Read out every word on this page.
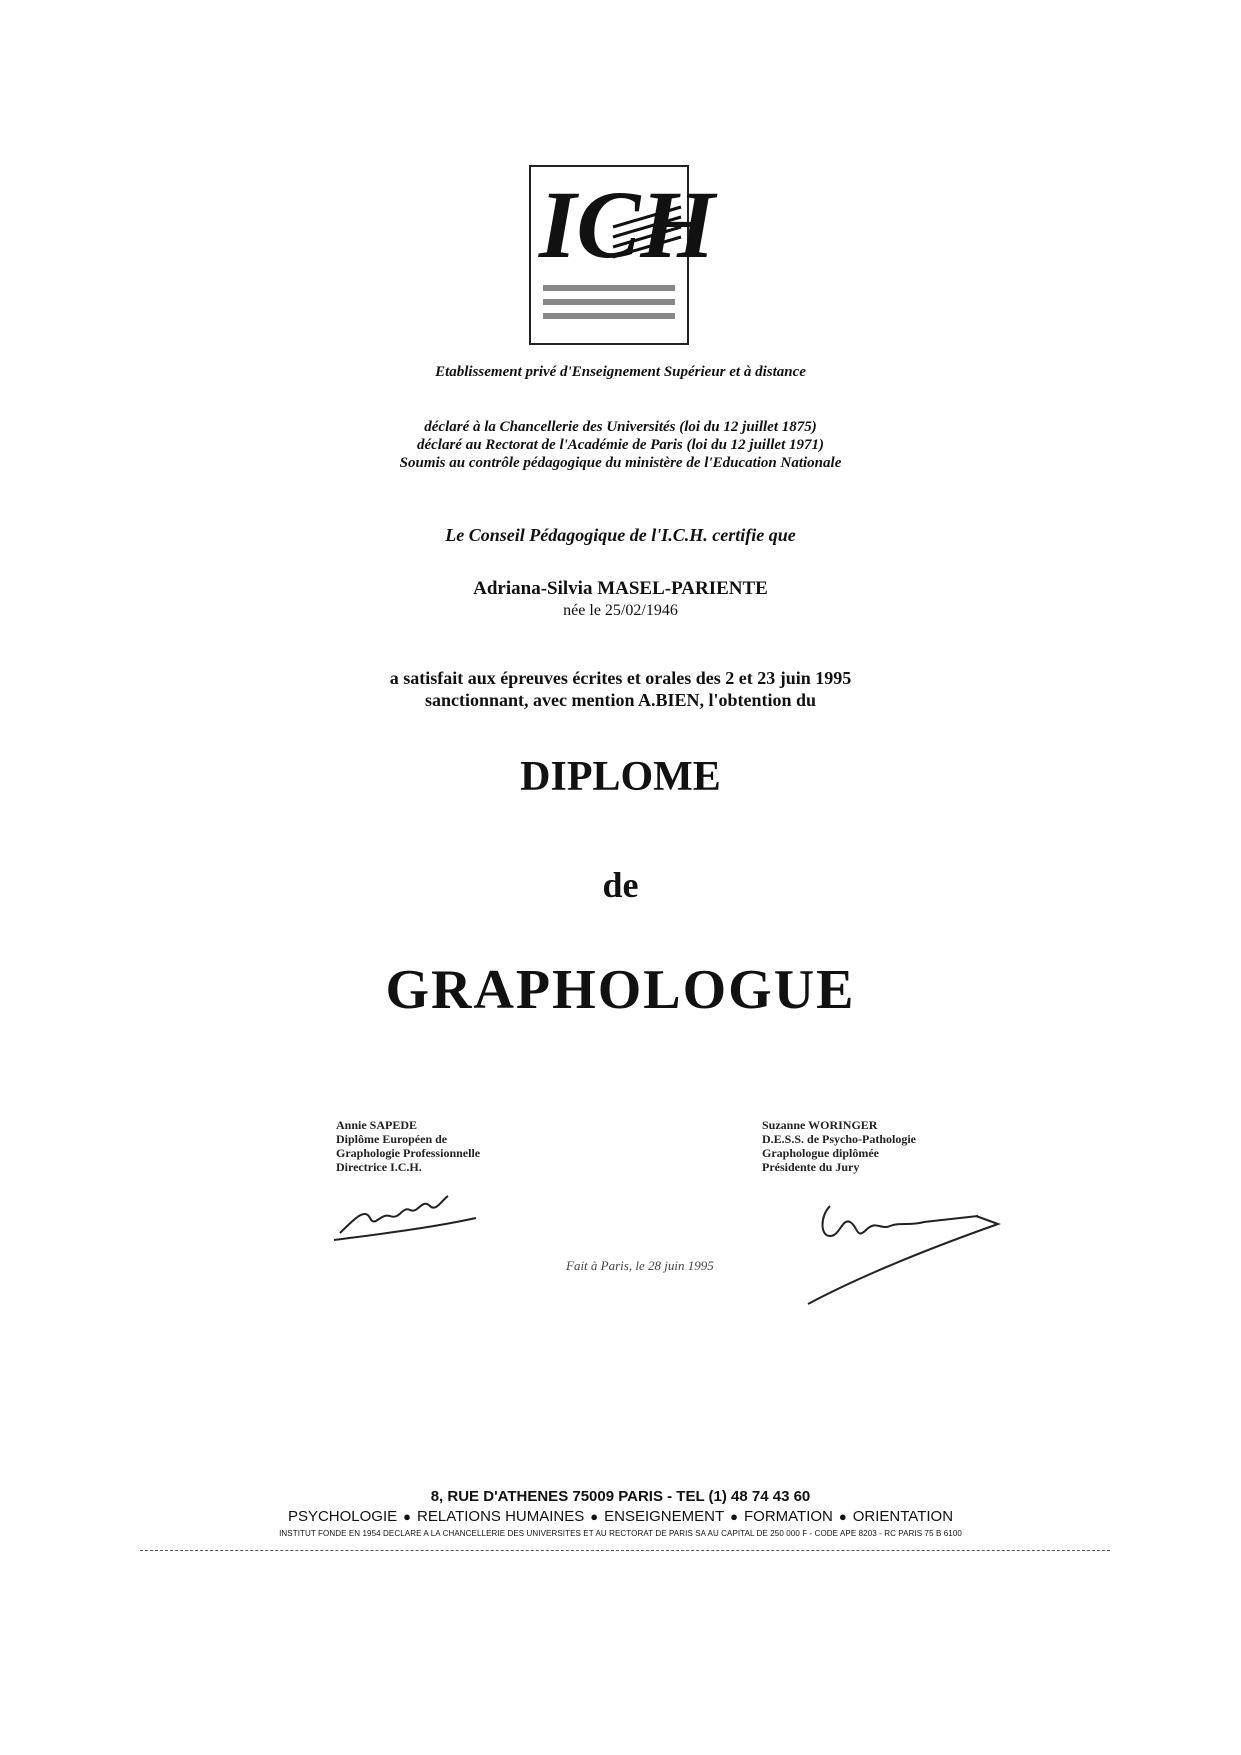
ICH
Etablissement privé d'Enseignement Supérieur et à distance
déclaré à la Chancellerie des Universités (loi du 12 juillet 1875)
déclaré au Rectorat de l'Académie de Paris (loi du 12 juillet 1971)
Soumis au contrôle pédagogique du ministère de l'Education Nationale
Le Conseil Pédagogique de l'I.C.H. certifie que
Adriana-Silvia MASEL-PARIENTE
née le 25/02/1946
a satisfait aux épreuves écrites et orales des 2 et 23 juin 1995
sanctionnant, avec mention A.BIEN, l'obtention du
DIPLOME
de
GRAPHOLOGUE
Annie SAPEDE
Diplôme Européen de
Graphologie Professionnelle
Directrice I.C.H.
Suzanne WORINGER
D.E.S.S. de Psycho-Pathologie
Graphologue diplômée
Présidente du Jury
Fait à Paris, le 28 juin 1995
8, RUE D'ATHENES 75009 PARIS - TEL (1) 48 74 43 60
PSYCHOLOGIE ● RELATIONS HUMAINES ● ENSEIGNEMENT ● FORMATION ● ORIENTATION
INSTITUT FONDE EN 1954 DECLARE A LA CHANCELLERIE DES UNIVERSITES ET AU RECTORAT DE PARIS SA AU CAPITAL DE 250 000 F - CODE APE 8203 - RC PARIS 75 B 6100
